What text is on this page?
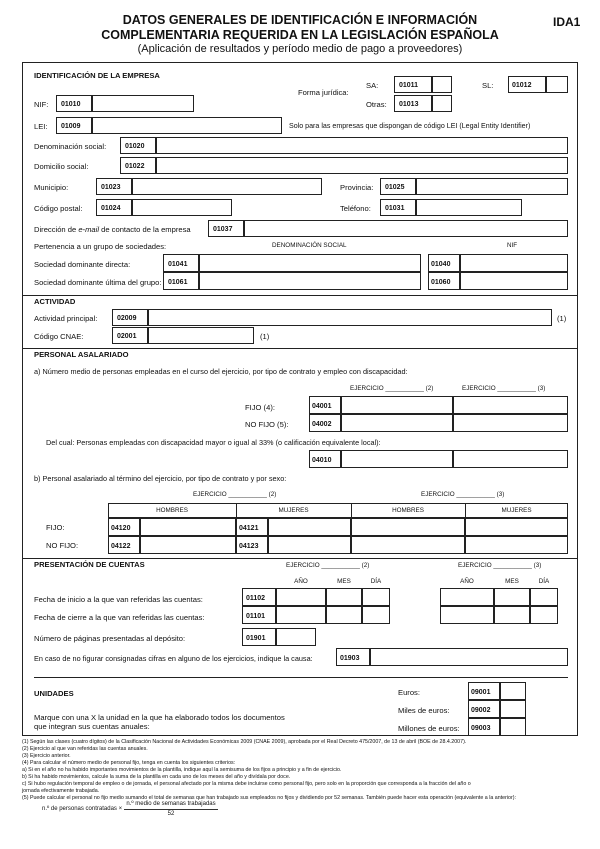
DATOS GENERALES DE IDENTIFICACIÓN E INFORMACIÓN
COMPLEMENTARIA REQUERIDA EN LA LEGISLACIÓN ESPAÑOLA
(Aplicación de resultados y período medio de pago a proveedores)
IDA1
IDENTIFICACIÓN DE LA EMPRESA
Forma jurídica:
SA:	01011	SL:	01012
NIF: 01010	Otras: 01013
LEI: 01009	Solo para las empresas que dispongan de código LEI (Legal Entity Identifier)
Denominación social:	01020
Domicilio social:	01022
Municipio:	01023	Provincia: 01025
Código postal:	01024	Teléfono: 01031
Dirección de e-mail de contacto de la empresa	01037
Pertenencia a un grupo de sociedades:	DENOMINACIÓN SOCIAL	NIF
Sociedad dominante directa:	01041	01040
Sociedad dominante última del grupo: 01061	01060
ACTIVIDAD
Actividad principal:	02009	(1)
Código CNAE:	02001	(1)
PERSONAL ASALARIADO
a) Número medio de personas empleadas en el curso del ejercicio, por tipo de contrato y empleo con discapacidad:
EJERCICIO ___________ (2)	EJERCICIO ___________ (3)
FIJO (4):	04001
NO FIJO (5):	04002
Del cual: Personas empleadas con discapacidad mayor o igual al 33% (o calificación equivalente local):
04010
b) Personal asalariado al término del ejercicio, por tipo de contrato y por sexo:
EJERCICIO ___________ (2)	EJERCICIO ___________ (3)
HOMBRES	MUJERES	HOMBRES	MUJERES
FIJO:	04120	04121
NO FIJO:	04122	04123
PRESENTACIÓN DE CUENTAS	EJERCICIO ___________ (2)	EJERCICIO ___________ (3)
AÑO	MES	DÍA	AÑO	MES	DÍA
Fecha de inicio a la que van referidas las cuentas:	01102
Fecha de cierre a la que van referidas las cuentas:	01101
Número de páginas presentadas al depósito:	01901
En caso de no figurar consignadas cifras en alguno de los ejercicios, indique la causa:	01903
UNIDADES
Marque con una X la unidad en la que ha elaborado todos los documentos
que integran sus cuentas anuales:
Euros:	09001
Miles de euros:	09002
Millones de euros: 09003
(1) Según las clases (cuatro dígitos) de la Clasificación Nacional de Actividades Económicas 2009 (CNAE 2009), aprobada por el Real Decreto 475/2007, de 13 de abril (BOE de 28.4.2007).
(2) Ejercicio al que van referidas las cuentas anuales.
(3) Ejercicio anterior.
(4) Para calcular el número medio de personal fijo, tenga en cuenta los siguientes criterios:
a) Si en el año no ha habido importantes movimientos de la plantilla, indique aquí la semisuma de los fijos a principio y a fin de ejercicio.
b) Si ha habido movimientos, calcule la suma de la plantilla en cada uno de los meses del año y divídala por doce.
c) Si hubo regulación temporal de empleo o de jornada, el personal afectado por la misma debe incluirse como personal fijo, pero solo en la proporción que corresponda a la fracción del año o
jornada efectivamente trabajada.
(5) Puede calcular el personal no fijo medio sumando el total de semanas que han trabajado sus empleados no fijos y dividiendo por 52 semanas. También puede hacer esta operación (equivalente a la anterior):
n.º de personas contratadas ×
n.º medio de semanas trabajadas
52
